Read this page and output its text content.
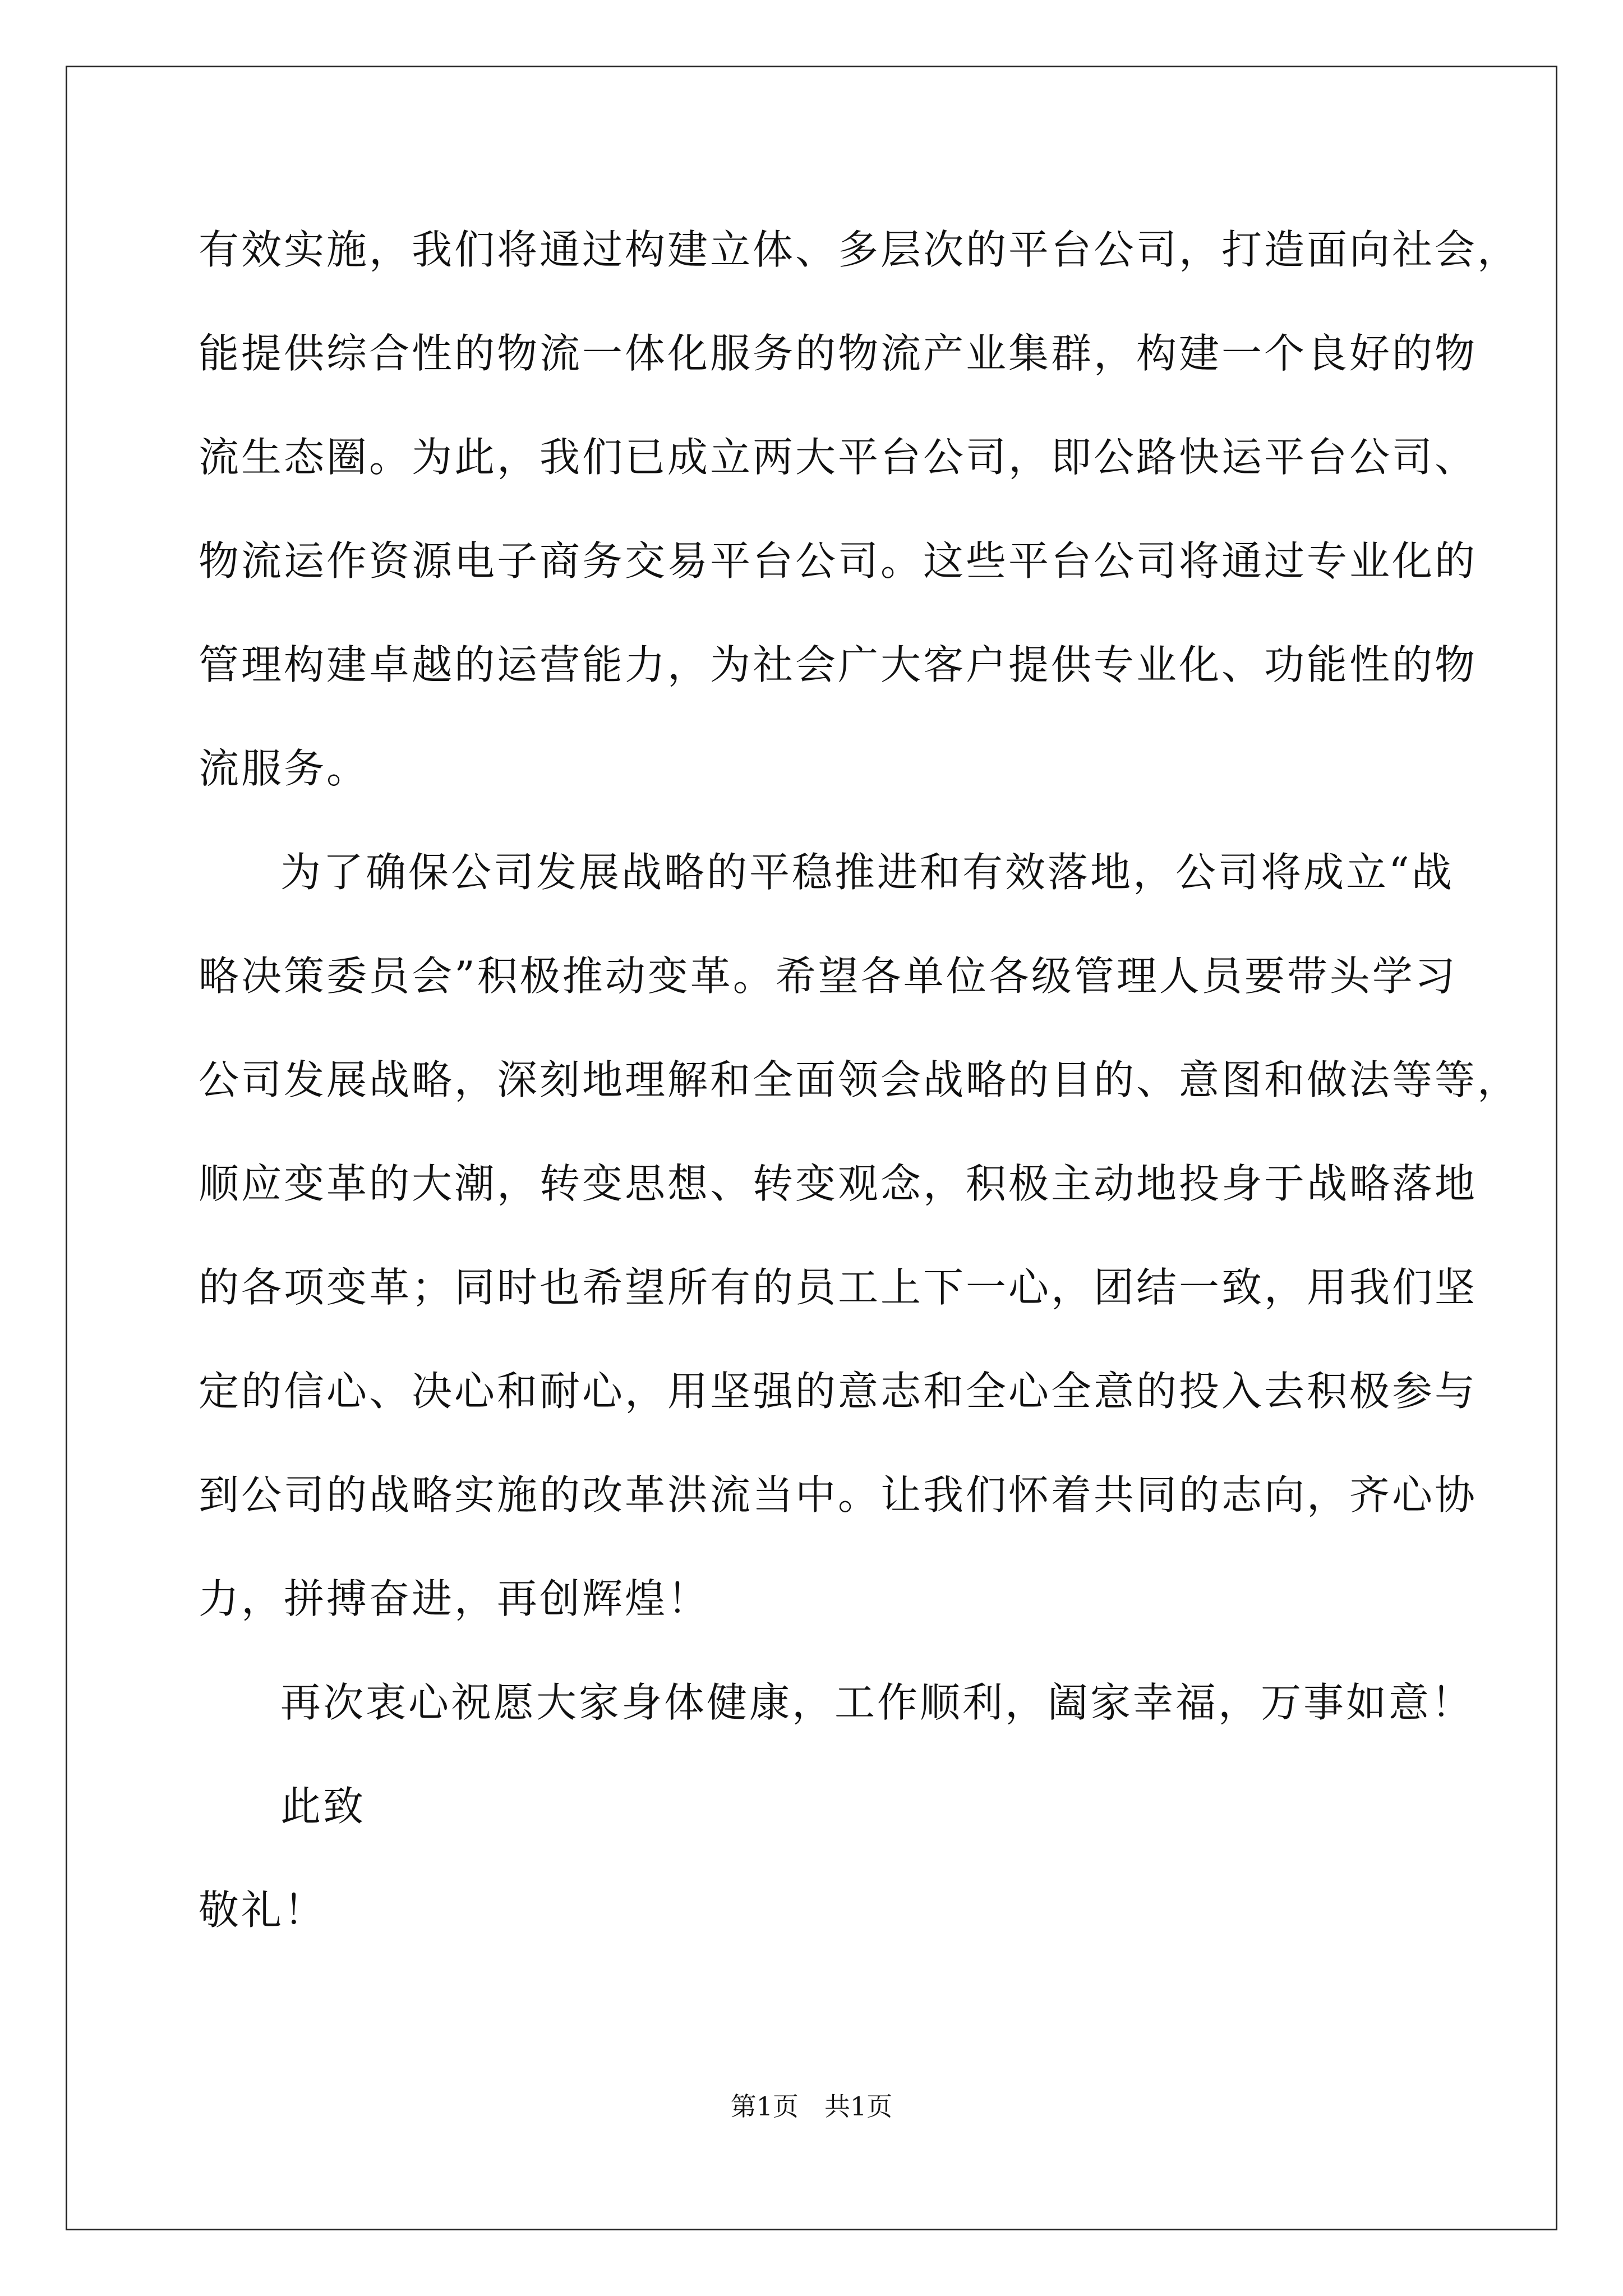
有效实施，我们将通过构建立体、多层次的平台公司，打造面向社会，
能提供综合性的物流一体化服务的物流产业集群，构建一个良好的物
流生态圈。为此，我们已成立两大平台公司，即公路快运平台公司、
物流运作资源电子商务交易平台公司。这些平台公司将通过专业化的
管理构建卓越的运营能力，为社会广大客户提供专业化、功能性的物
流服务。
为了确保公司发展战略的平稳推进和有效落地，公司将成立“战
略决策委员会”积极推动变革。希望各单位各级管理人员要带头学习
公司发展战略，深刻地理解和全面领会战略的目的、意图和做法等等，
顺应变革的大潮，转变思想、转变观念，积极主动地投身于战略落地
的各项变革；同时也希望所有的员工上下一心，团结一致，用我们坚
定的信心、决心和耐心，用坚强的意志和全心全意的投入去积极参与
到公司的战略实施的改革洪流当中。让我们怀着共同的志向，齐心协
力，拼搏奋进，再创辉煌！
再次衷心祝愿大家身体健康，工作顺利，阖家幸福，万事如意！
此致
敬礼！
第1页　共1页
